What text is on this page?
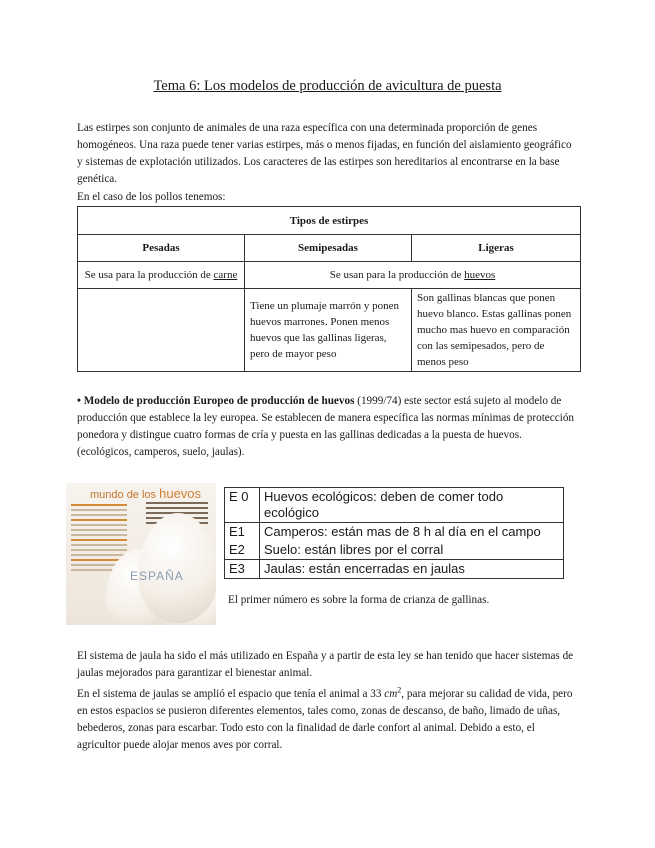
Tema 6: Los modelos de producción de avicultura de puesta
Las estirpes son conjunto de animales de una raza específica con una determinada proporción de genes homogéneos. Una raza puede tener varias estirpes, más o menos fijadas, en función del aislamiento geográfico y sistemas de explotación utilizados. Los caracteres de las estirpes son hereditarios al encontrarse en la base genética.
En el caso de los pollos tenemos:
Tipos de estirpes		
Pesadas	Semipesadas	Ligeras
Se usa para la producción de carne	Se usan para la producción de huevos	
	Tiene un plumaje marrón y ponen huevos marrones. Ponen menos huevos que las gallinas ligeras, pero de mayor peso	Son gallinas blancas que ponen huevo blanco. Estas gallinas ponen mucho mas huevo en comparación con las semipesados, pero de menos peso
• Modelo de producción Europeo de producción de huevos (1999/74) este sector está sujeto al modelo de producción que establece la ley europea. Se establecen de manera específica las normas mínimas de protección ponedora y distingue cuatro formas de cría y puesta en las gallinas dedicadas a la puesta de huevos. (ecológicos, camperos, suelo, jaulas).
mundo de los huevos
ESPAÑA
E 0	Huevos ecológicos: deben de comer todo ecológico
E1	Camperos: están mas de 8 h al día en el campo
E2	Suelo: están libres por el corral
E3	Jaulas: están encerradas en jaulas
El primer número es sobre la forma de crianza de gallinas.
El sistema de jaula ha sido el más utilizado en España y a partir de esta ley se han tenido que hacer sistemas de jaulas mejorados para garantizar el bienestar animal.
En el sistema de jaulas se amplió el espacio que tenía el animal a 33 $cm^2$, para mejorar su calidad de vida, pero en estos espacios se pusieron diferentes elementos, tales como, zonas de descanso, de baño, limado de uñas, bebederos, zonas para escarbar. Todo esto con la finalidad de darle confort al animal. Debido a esto, el agricultor puede alojar menos aves por corral.
